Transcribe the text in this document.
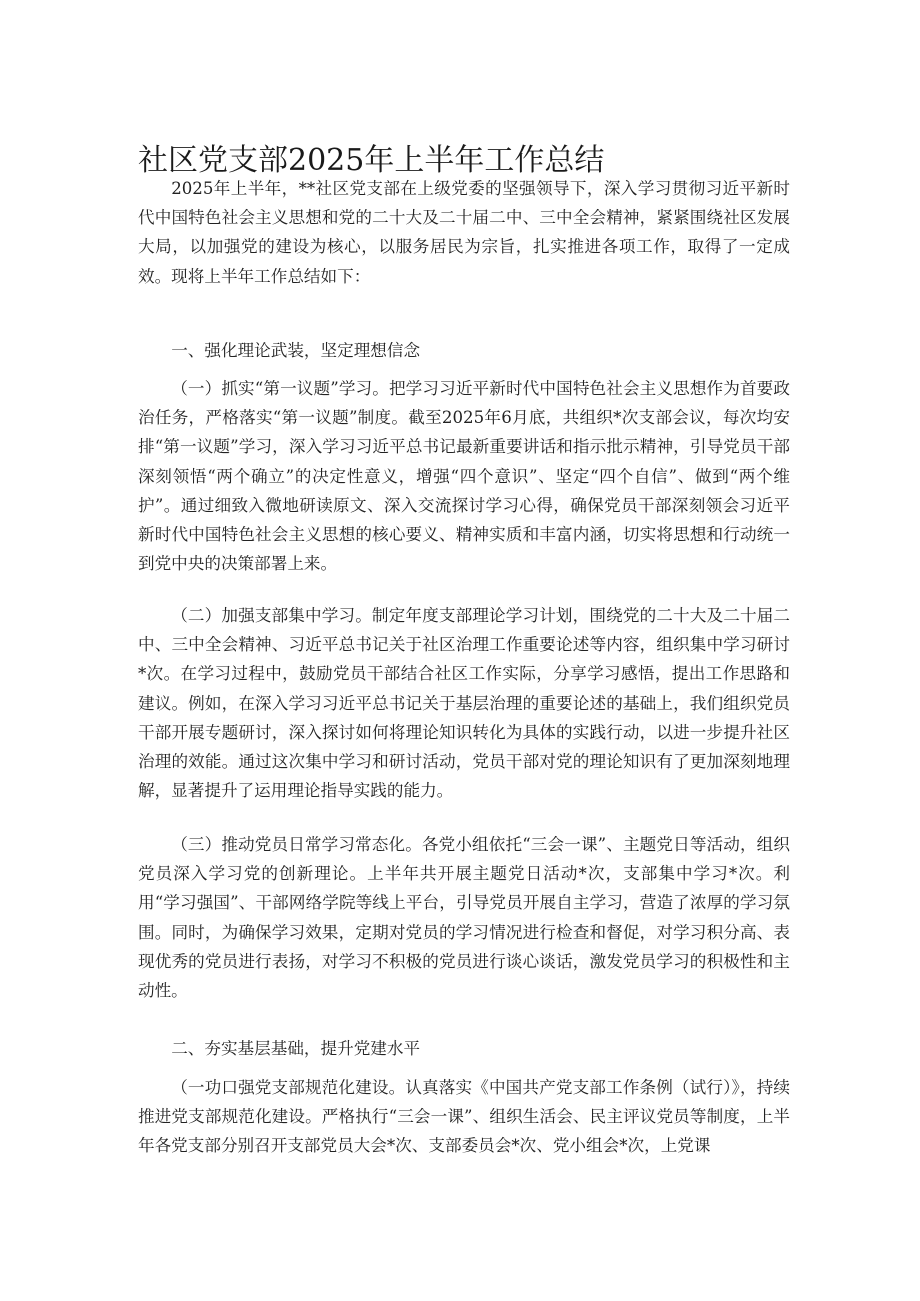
社区党支部2025年上半年工作总结

2025年上半年，**社区党支部在上级党委的坚强领导下，深入学习贯彻习近平新时代中国特色社会主义思想和党的二十大及二十届二中、三中全会精神，紧紧围绕社区发展大局，以加强党的建设为核心，以服务居民为宗旨，扎实推进各项工作，取得了一定成效。现将上半年工作总结如下：

一、强化理论武装，坚定理想信念

（一）抓实“第一议题”学习。把学习习近平新时代中国特色社会主义思想作为首要政治任务，严格落实“第一议题”制度。截至2025年6月底，共组织*次支部会议，每次均安排“第一议题”学习，深入学习习近平总书记最新重要讲话和指示批示精神，引导党员干部深刻领悟“两个确立”的决定性意义，增强“四个意识”、坚定“四个自信”、做到“两个维护”。通过细致入微地研读原文、深入交流探讨学习心得，确保党员干部深刻领会习近平新时代中国特色社会主义思想的核心要义、精神实质和丰富内涵，切实将思想和行动统一到党中央的决策部署上来。

（二）加强支部集中学习。制定年度支部理论学习计划，围绕党的二十大及二十届二中、三中全会精神、习近平总书记关于社区治理工作重要论述等内容，组织集中学习研讨*次。在学习过程中，鼓励党员干部结合社区工作实际，分享学习感悟，提出工作思路和建议。例如，在深入学习习近平总书记关于基层治理的重要论述的基础上，我们组织党员干部开展专题研讨，深入探讨如何将理论知识转化为具体的实践行动，以进一步提升社区治理的效能。通过这次集中学习和研讨活动，党员干部对党的理论知识有了更加深刻地理解，显著提升了运用理论指导实践的能力。

（三）推动党员日常学习常态化。各党小组依托“三会一课”、主题党日等活动，组织党员深入学习党的创新理论。上半年共开展主题党日活动*次，支部集中学习*次。利用“学习强国”、干部网络学院等线上平台，引导党员开展自主学习，营造了浓厚的学习氛围。同时，为确保学习效果，定期对党员的学习情况进行检查和督促，对学习积分高、表现优秀的党员进行表扬，对学习不积极的党员进行谈心谈话，激发党员学习的积极性和主动性。

二、夯实基层基础，提升党建水平

（一功口强党支部规范化建设。认真落实《中国共产党支部工作条例（试行）》，持续推进党支部规范化建设。严格执行“三会一课”、组织生活会、民主评议党员等制度，上半年各党支部分别召开支部党员大会*次、支部委员会*次、党小组会*次，上党课
